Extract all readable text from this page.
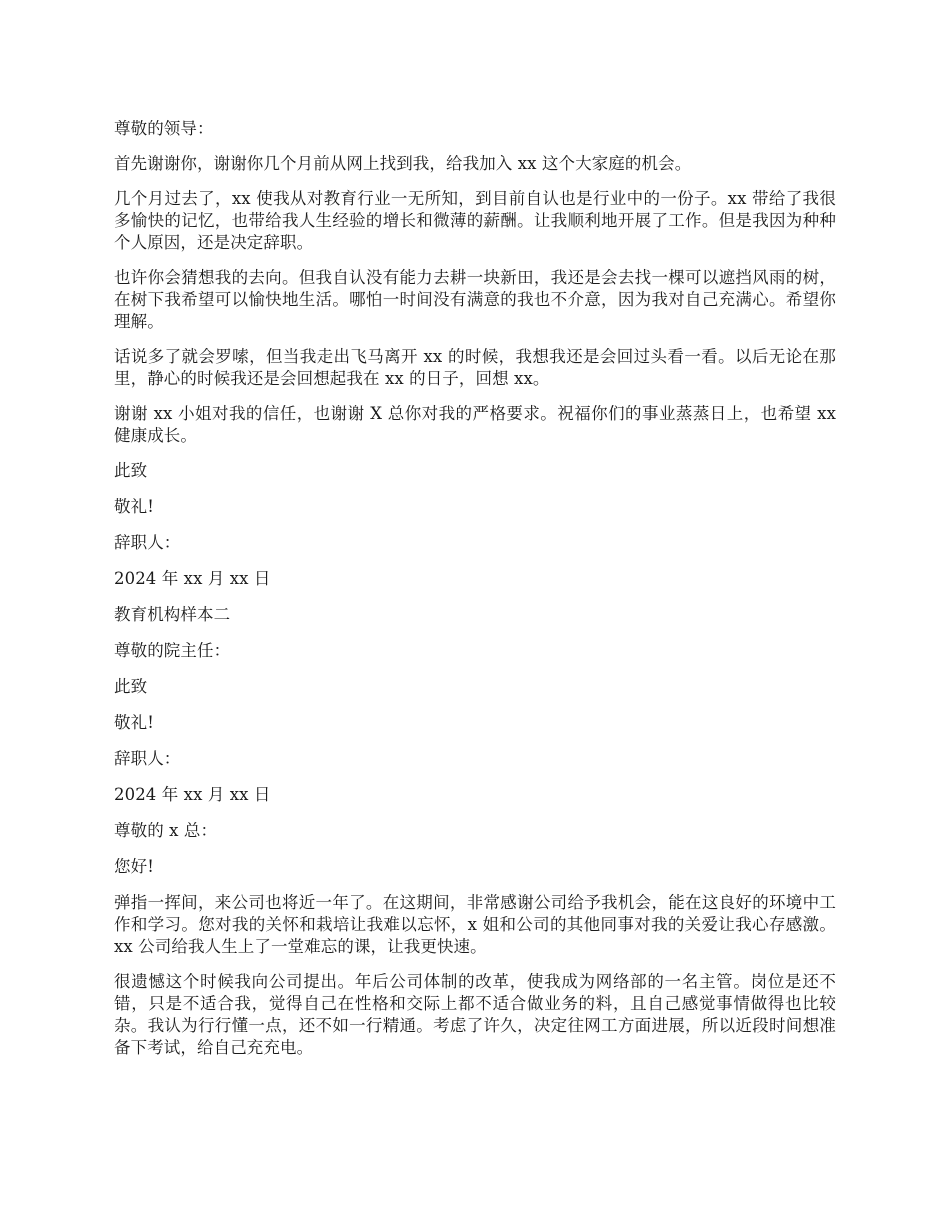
尊敬的领导：

首先谢谢你，谢谢你几个月前从网上找到我，给我加入 xx 这个大家庭的机会。

几个月过去了，xx 使我从对教育行业一无所知，到目前自认也是行业中的一份子。xx 带给了我很多愉快的记忆，也带给我人生经验的增长和微薄的薪酬。让我顺利地开展了工作。但是我因为种种个人原因，还是决定辞职。

也许你会猜想我的去向。但我自认没有能力去耕一块新田，我还是会去找一棵可以遮挡风雨的树，在树下我希望可以愉快地生活。哪怕一时间没有满意的我也不介意，因为我对自己充满心。希望你理解。

话说多了就会罗嗦，但当我走出飞马离开 xx 的时候，我想我还是会回过头看一看。以后无论在那里，静心的时候我还是会回想起我在 xx 的日子，回想 xx。

谢谢 xx 小姐对我的信任，也谢谢 X 总你对我的严格要求。祝福你们的事业蒸蒸日上，也希望 xx 健康成长。

此致

敬礼!

辞职人：

2024 年 xx 月 xx 日

教育机构样本二

尊敬的院主任：

此致

敬礼!

辞职人：

2024 年 xx 月 xx 日

尊敬的 x 总：

您好!

弹指一挥间，来公司也将近一年了。在这期间，非常感谢公司给予我机会，能在这良好的环境中工作和学习。您对我的关怀和栽培让我难以忘怀，x 姐和公司的其他同事对我的关爱让我心存感激。xx 公司给我人生上了一堂难忘的课，让我更快速。

很遗憾这个时候我向公司提出。年后公司体制的改革，使我成为网络部的一名主管。岗位是还不错，只是不适合我，觉得自己在性格和交际上都不适合做业务的料，且自己感觉事情做得也比较杂。我认为行行懂一点，还不如一行精通。考虑了许久，决定往网工方面进展，所以近段时间想准备下考试，给自己充充电。
